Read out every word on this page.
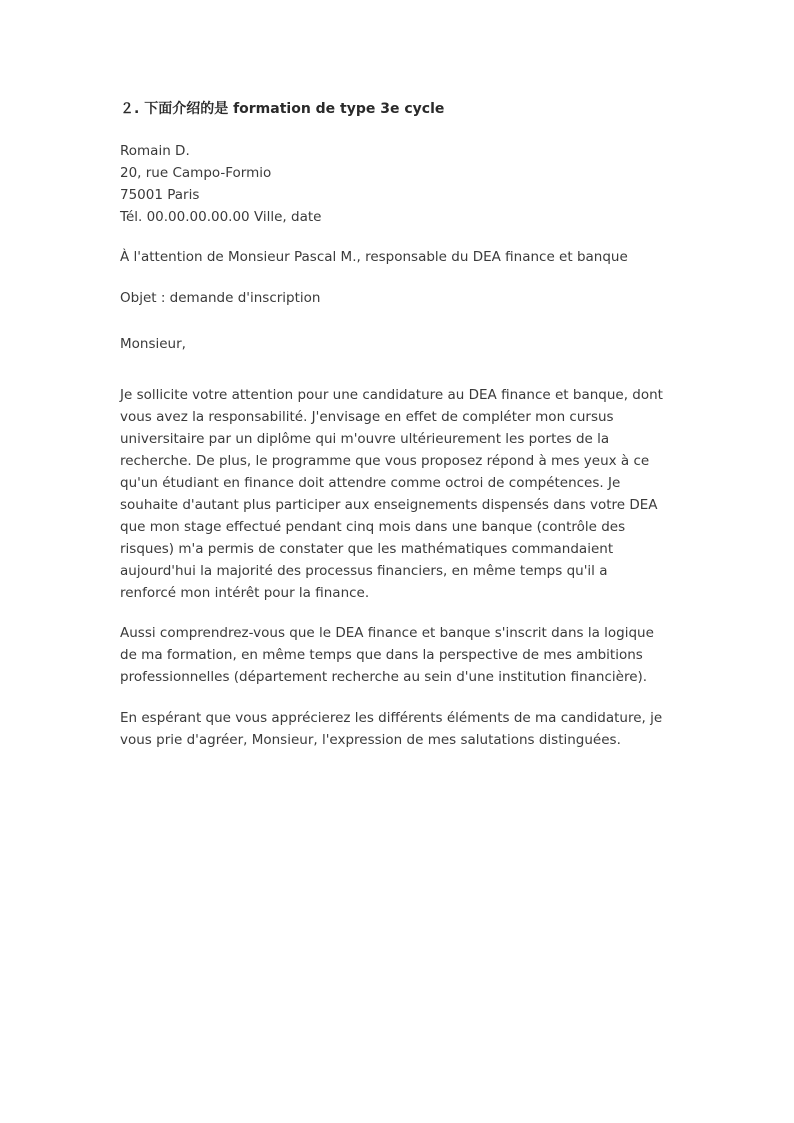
２. 下面介绍的是 formation de type 3e cycle
Romain D.
20, rue Campo-Formio
75001 Paris
Tél. 00.00.00.00.00 Ville, date
À l'attention de Monsieur Pascal M., responsable du DEA finance et banque
Objet : demande d'inscription
Monsieur,
Je sollicite votre attention pour une candidature au DEA finance et banque, dont
vous avez la responsabilité. J'envisage en effet de compléter mon cursus
universitaire par un diplôme qui m'ouvre ultérieurement les portes de la
recherche. De plus, le programme que vous proposez répond à mes yeux à ce
qu'un étudiant en finance doit attendre comme octroi de compétences. Je
souhaite d'autant plus participer aux enseignements dispensés dans votre DEA
que mon stage effectué pendant cinq mois dans une banque (contrôle des
risques) m'a permis de constater que les mathématiques commandaient
aujourd'hui la majorité des processus financiers, en même temps qu'il a
renforcé mon intérêt pour la finance.
Aussi comprendrez-vous que le DEA finance et banque s'inscrit dans la logique
de ma formation, en même temps que dans la perspective de mes ambitions
professionnelles (département recherche au sein d'une institution financière).
En espérant que vous apprécierez les différents éléments de ma candidature, je
vous prie d'agréer, Monsieur, l'expression de mes salutations distinguées.
